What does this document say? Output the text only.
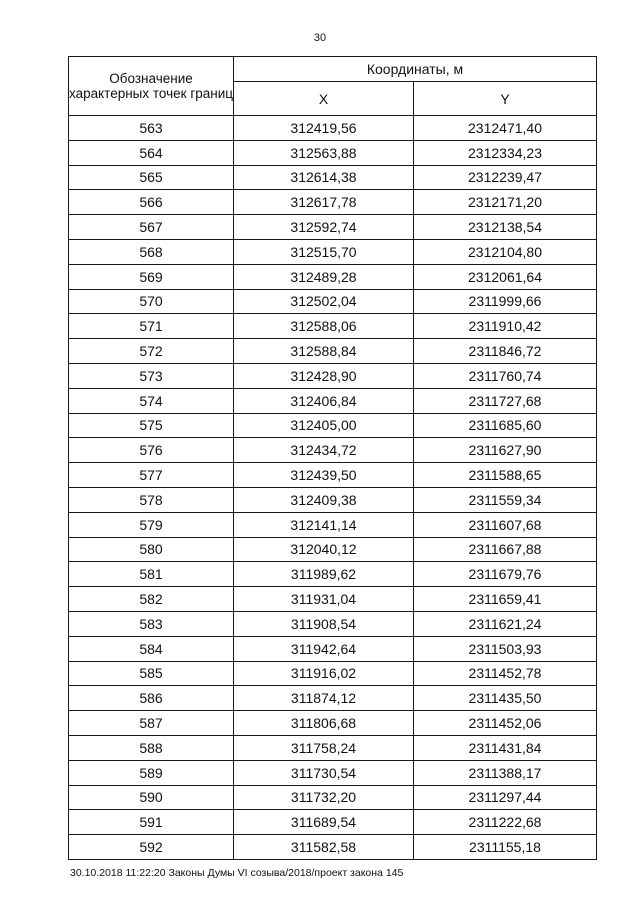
30
Обозначение характерных точек границ	Координаты, м	
	X	Y
563	312419,56	2312471,40
564	312563,88	2312334,23
565	312614,38	2312239,47
566	312617,78	2312171,20
567	312592,74	2312138,54
568	312515,70	2312104,80
569	312489,28	2312061,64
570	312502,04	2311999,66
571	312588,06	2311910,42
572	312588,84	2311846,72
573	312428,90	2311760,74
574	312406,84	2311727,68
575	312405,00	2311685,60
576	312434,72	2311627,90
577	312439,50	2311588,65
578	312409,38	2311559,34
579	312141,14	2311607,68
580	312040,12	2311667,88
581	311989,62	2311679,76
582	311931,04	2311659,41
583	311908,54	2311621,24
584	311942,64	2311503,93
585	311916,02	2311452,78
586	311874,12	2311435,50
587	311806,68	2311452,06
588	311758,24	2311431,84
589	311730,54	2311388,17
590	311732,20	2311297,44
591	311689,54	2311222,68
592	311582,58	2311155,18
30.10.2018 11:22:20 Законы Думы VI созыва/2018/проект закона 145
